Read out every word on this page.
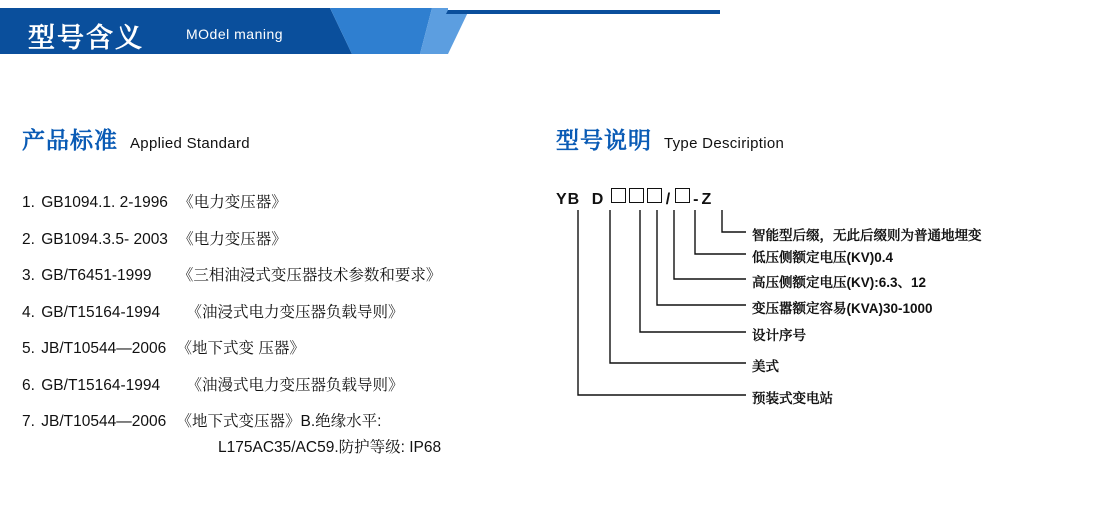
型号含义	MOdel maning
产品标准 Applied Standard	型号说明 Type Desciription
1. GB1094.1. 2-1996 《电力变压器》
2. GB1094.3.5- 2003 《电力变压器》
3. GB/T6451-1999 《三相油浸式变压器技术参数和要求》
4. GB/T15164-1994 《油浸式电力变压器负载导则》
5. JB/T10544—2006 《地下式变 压器》
6. GB/T15164-1994 《油漫式电力变压器负载导则》
7. JB/T10544—2006 《地下式变压器》B.绝缘水平:
L175AC35/AC59.防护等级: IP68
YB D	/ - Z
智能型后缀，无此后缀则为普通地埋变
低压侧额定电压(KV)0.4
高压侧额定电压(KV):6.3、12
变压嚣额定容易(KVA)30-1000
设计序号
美式
预装式变电站
